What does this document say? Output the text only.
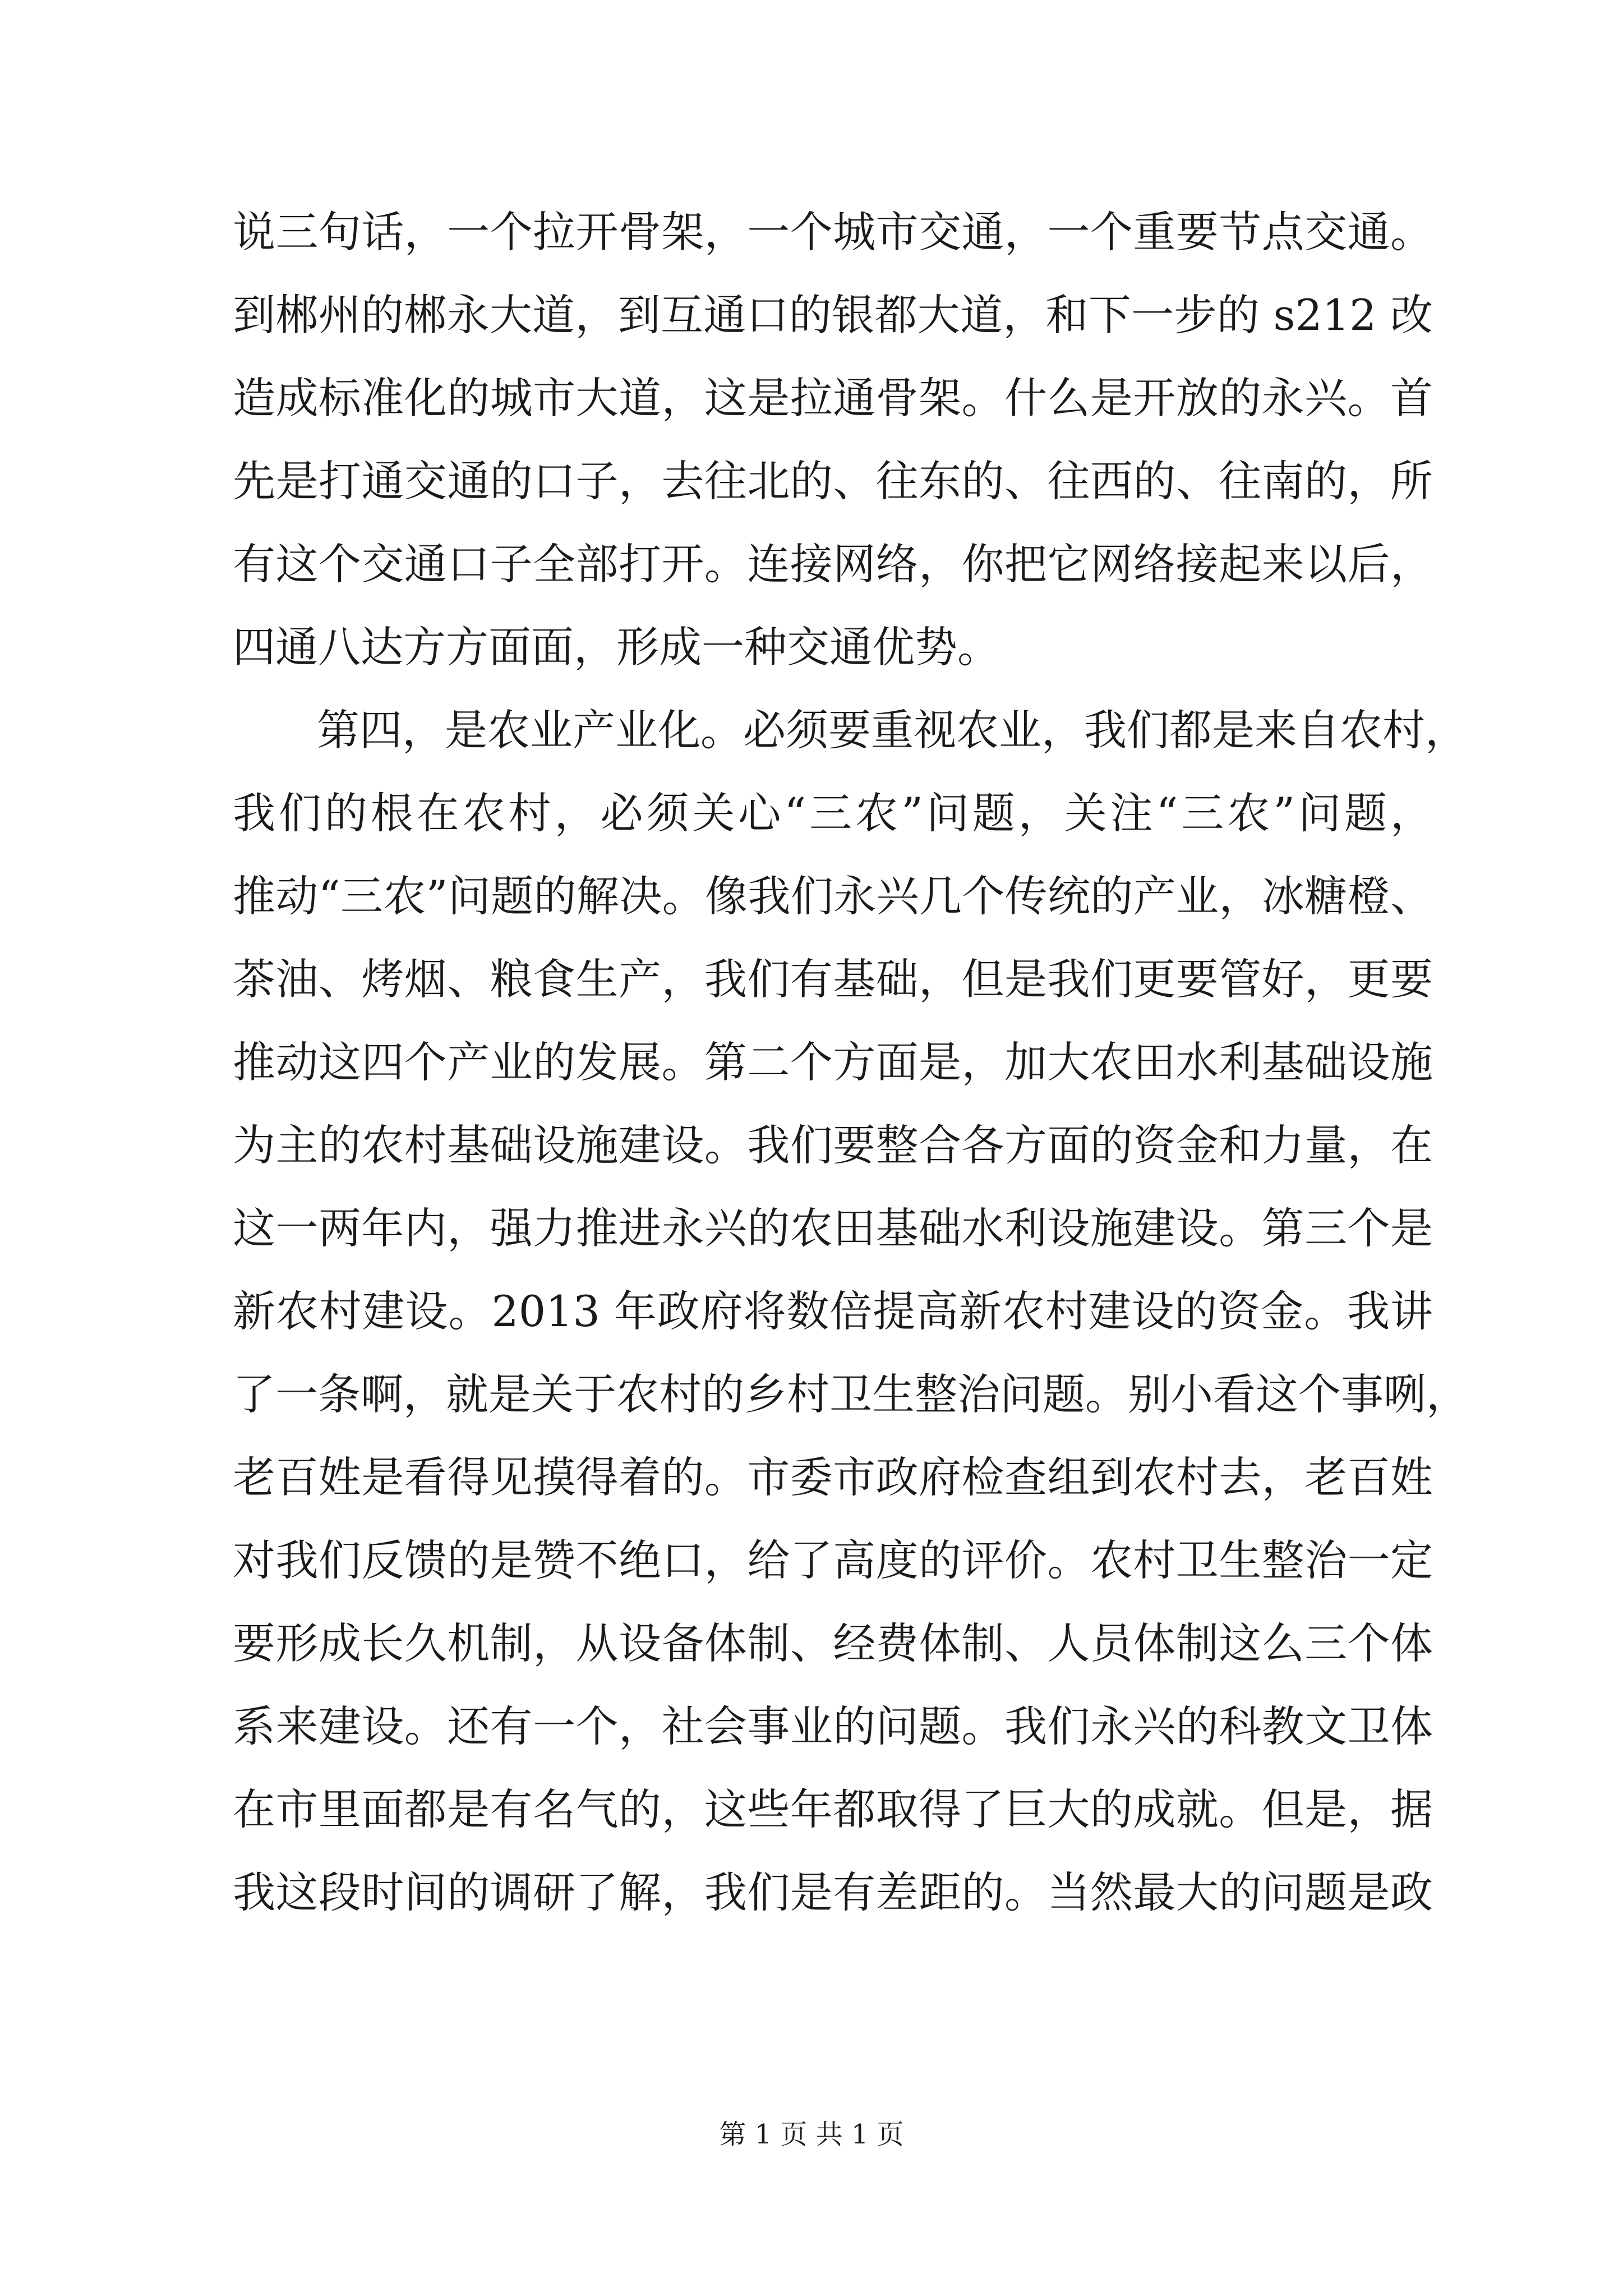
说三句话，一个拉开骨架，一个城市交通，一个重要节点交通。
到郴州的郴永大道，到互通口的银都大道，和下一步的 s212 改
造成标准化的城市大道，这是拉通骨架。什么是开放的永兴。首
先是打通交通的口子，去往北的、往东的、往西的、往南的，所
有这个交通口子全部打开。连接网络，你把它网络接起来以后，
四通八达方方面面，形成一种交通优势。
第四，是农业产业化。必须要重视农业，我们都是来自农村，
我们的根在农村，必须关心“三农”问题，关注“三农”问题，
推动“三农”问题的解决。像我们永兴几个传统的产业，冰糖橙、
茶油、烤烟、粮食生产，我们有基础，但是我们更要管好，更要
推动这四个产业的发展。第二个方面是，加大农田水利基础设施
为主的农村基础设施建设。我们要整合各方面的资金和力量，在
这一两年内，强力推进永兴的农田基础水利设施建设。第三个是
新农村建设。2013 年政府将数倍提高新农村建设的资金。我讲
了一条啊，就是关于农村的乡村卫生整治问题。别小看这个事咧，
老百姓是看得见摸得着的。市委市政府检查组到农村去，老百姓
对我们反馈的是赞不绝口，给了高度的评价。农村卫生整治一定
要形成长久机制，从设备体制、经费体制、人员体制这么三个体
系来建设。还有一个，社会事业的问题。我们永兴的科教文卫体
在市里面都是有名气的，这些年都取得了巨大的成就。但是，据
我这段时间的调研了解，我们是有差距的。当然最大的问题是政
第 1 页 共 1 页
